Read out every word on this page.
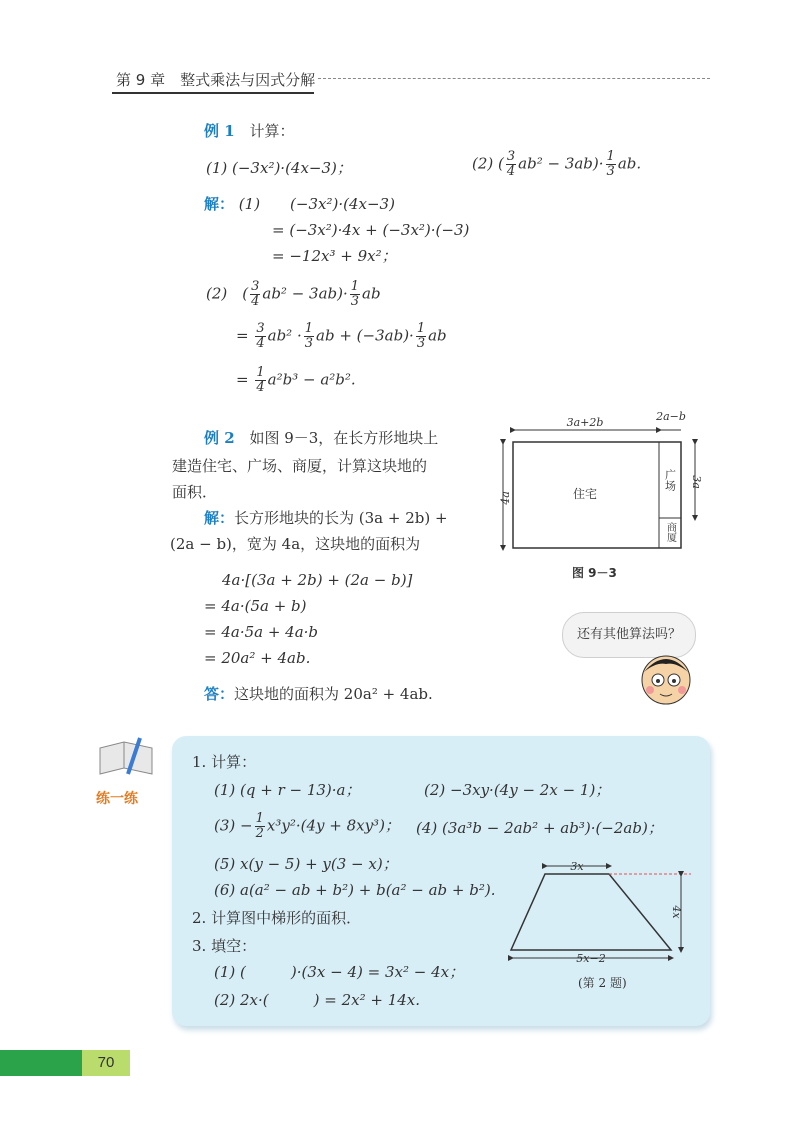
第 9 章　整式乘法与因式分解
例 1 计算：
(1) (−3x²)·(4x−3)；	(2) ( $\frac{3}{4} ab^2 - 3ab)\cdot \frac{1}{3}$ ab.
解： (1)　　(−3x²)·(4x−3)
= (−3x²)·4x + (−3x²)·(−3)
= −12x³ + 9x²；
(2)　( $\frac{3}{4} ab^2 - 3ab)\cdot \frac{1}{3}$ ab
= $\frac{3}{4} ab^2 \cdot \frac{1}{3}$ ab + $(-3ab)\cdot \frac{1}{3}$ ab
= $\frac{1}{4} a^2b^3 - a^2b^2$.
例 2 如图 9－3，在长方形地块上
建造住宅、广场、商厦，计算这块地的
面积．
解：长方形地块的长为 (3a + 2b) +
(2a − b)，宽为 4a，这块地的面积为
4a·[(3a + 2b) + (2a − b)]
= 4a·(5a + b)
= 4a·5a + 4a·b
= 20a² + 4ab.
答：这块地的面积为 20a² + 4ab.
3a+2b	2a−b
4a
3a
住宅
广场
商厦
图 9－3
还有其他算法吗？
练一练
1. 计算：
(1) (q + r − 13)·a；	(2) −3xy·(4y − 2x − 1)；
$(3) - \frac{1}{2} x^3y^2\cdot(4y + 8xy^3)$； (4) (3a³b − 2ab² + ab³)·(−2ab)；
(5) x(y − 5) + y(3 − x)；
(6) a(a² − ab + b²) + b(a² − ab + b²).
2. 计算图中梯形的面积．
3. 填空：
(1) (　　　)·(3x − 4) = 3x² − 4x；
(2) 2x·(　　　) = 2x² + 14x.
3x
5x−2
4x
(第 2 题)
70
